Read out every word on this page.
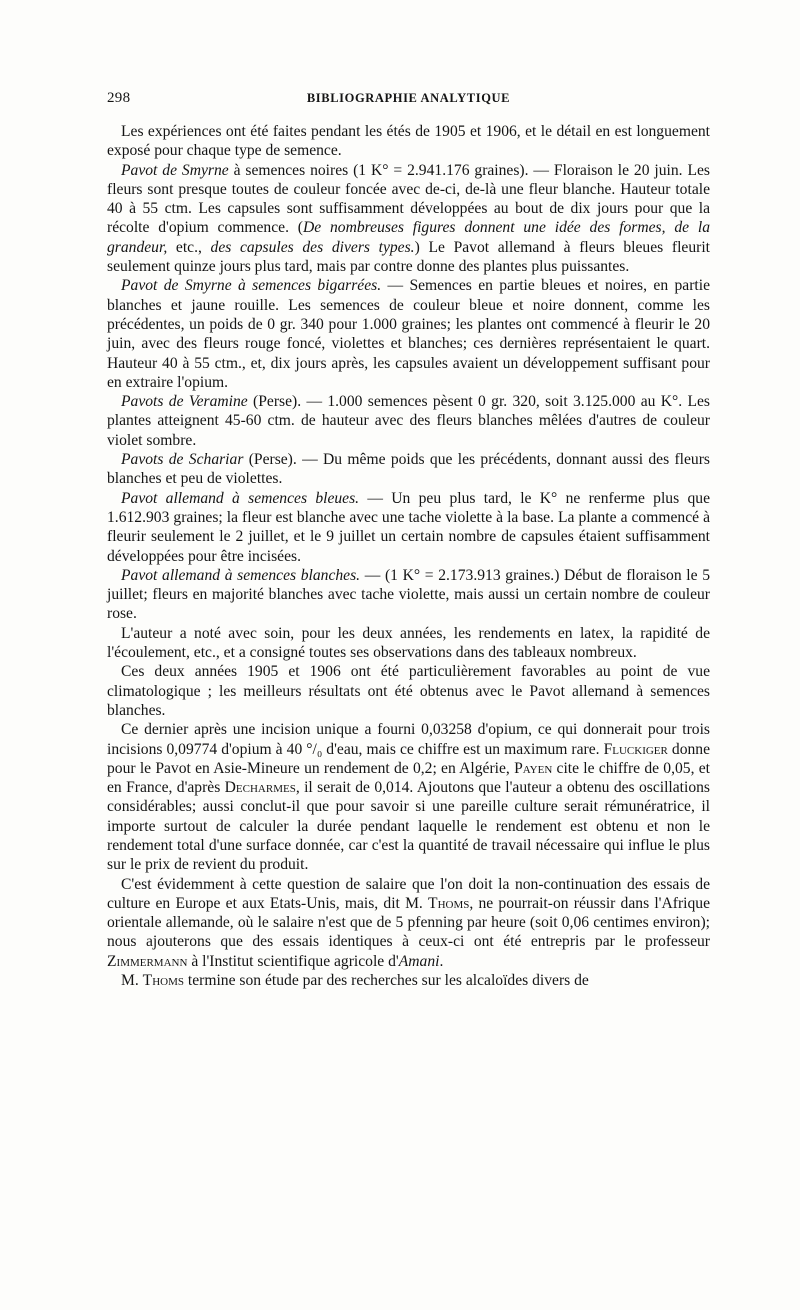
298	BIBLIOGRAPHIE ANALYTIQUE

Les expériences ont été faites pendant les étés de 1905 et 1906, et le détail en est longuement exposé pour chaque type de semence.

Pavot de Smyrne à semences noires (1 K° = 2.941.176 graines). — Floraison le 20 juin. Les fleurs sont presque toutes de couleur foncée avec de-ci, de-là une fleur blanche. Hauteur totale 40 à 55 ctm. Les capsules sont suffisamment développées au bout de dix jours pour que la récolte d'opium commence. (De nombreuses figures donnent une idée des formes, de la grandeur, etc., des capsules des divers types.) Le Pavot allemand à fleurs bleues fleurit seulement quinze jours plus tard, mais par contre donne des plantes plus puissantes.

Pavot de Smyrne à semences bigarrées. — Semences en partie bleues et noires, en partie blanches et jaune rouille. Les semences de couleur bleue et noire donnent, comme les précédentes, un poids de 0 gr. 340 pour 1.000 graines; les plantes ont commencé à fleurir le 20 juin, avec des fleurs rouge foncé, violettes et blanches; ces dernières représentaient le quart. Hauteur 40 à 55 ctm., et, dix jours après, les capsules avaient un développement suffisant pour en extraire l'opium.

Pavots de Veramine (Perse). — 1.000 semences pèsent 0 gr. 320, soit 3.125.000 au K°. Les plantes atteignent 45-60 ctm. de hauteur avec des fleurs blanches mêlées d'autres de couleur violet sombre.

Pavots de Schariar (Perse). — Du même poids que les précédents, donnant aussi des fleurs blanches et peu de violettes.

Pavot allemand à semences bleues. — Un peu plus tard, le K° ne renferme plus que 1.612.903 graines; la fleur est blanche avec une tache violette à la base. La plante a commencé à fleurir seulement le 2 juillet, et le 9 juillet un certain nombre de capsules étaient suffisamment développées pour être incisées.

Pavot allemand à semences blanches. — (1 K° = 2.173.913 graines.) Début de floraison le 5 juillet; fleurs en majorité blanches avec tache violette, mais aussi un certain nombre de couleur rose.

L'auteur a noté avec soin, pour les deux années, les rendements en latex, la rapidité de l'écoulement, etc., et a consigné toutes ses observations dans des tableaux nombreux.

Ces deux années 1905 et 1906 ont été particulièrement favorables au point de vue climatologique ; les meilleurs résultats ont été obtenus avec le Pavot allemand à semences blanches.

Ce dernier après une incision unique a fourni 0,03258 d'opium, ce qui donnerait pour trois incisions 0,09774 d'opium à 40 °/₀ d'eau, mais ce chiffre est un maximum rare. Fluckiger donne pour le Pavot en Asie-Mineure un rendement de 0,2; en Algérie, Payen cite le chiffre de 0,05, et en France, d'après Decharmes, il serait de 0,014. Ajoutons que l'auteur a obtenu des oscillations considérables; aussi conclut-il que pour savoir si une pareille culture serait rémunératrice, il importe surtout de calculer la durée pendant laquelle le rendement est obtenu et non le rendement total d'une surface donnée, car c'est la quantité de travail nécessaire qui influe le plus sur le prix de revient du produit.

C'est évidemment à cette question de salaire que l'on doit la non-continuation des essais de culture en Europe et aux Etats-Unis, mais, dit M. Thoms, ne pourrait-on réussir dans l'Afrique orientale allemande, où le salaire n'est que de 5 pfenning par heure (soit 0,06 centimes environ); nous ajouterons que des essais identiques à ceux-ci ont été entrepris par le professeur Zimmermann à l'Institut scientifique agricole d'Amani.

M. Thoms termine son étude par des recherches sur les alcaloïdes divers de
